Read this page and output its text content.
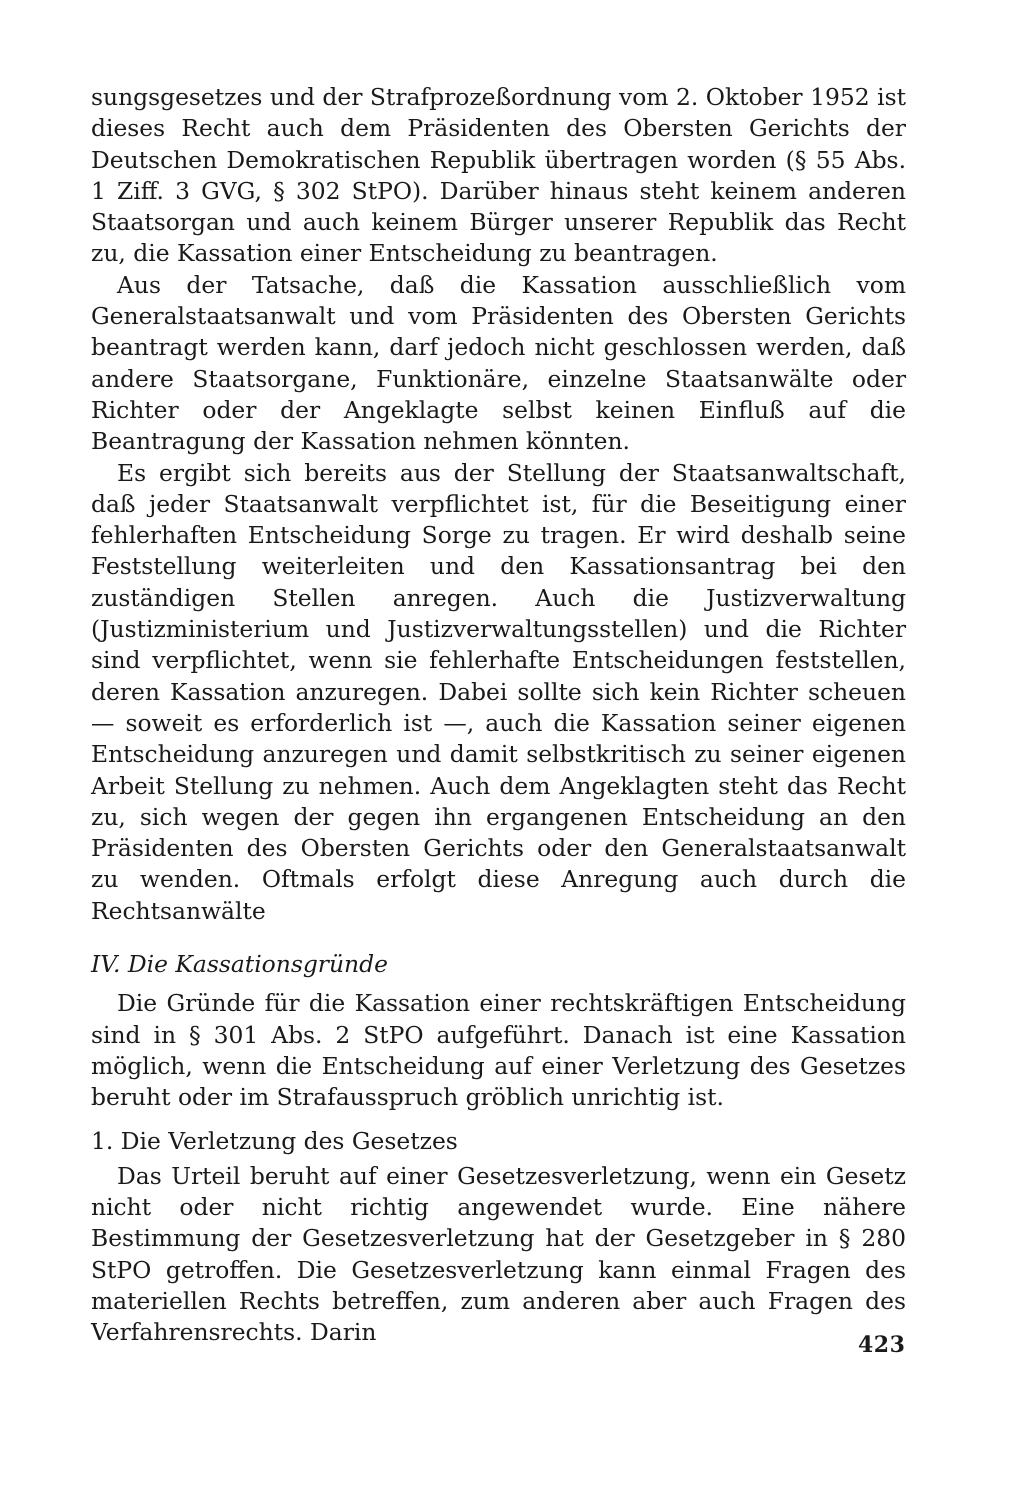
sungsgesetzes und der Strafprozeßordnung vom 2. Oktober 1952 ist dieses Recht auch dem Präsidenten des Obersten Gerichts der Deutschen Demokratischen Republik übertragen worden (§ 55 Abs. 1 Ziff. 3 GVG, § 302 StPO). Darüber hinaus steht keinem anderen Staatsorgan und auch keinem Bürger unserer Republik das Recht zu, die Kassation einer Entscheidung zu beantragen.

Aus der Tatsache, daß die Kassation ausschließlich vom Generalstaatsanwalt und vom Präsidenten des Obersten Gerichts beantragt werden kann, darf jedoch nicht geschlossen werden, daß andere Staatsorgane, Funktionäre, einzelne Staatsanwälte oder Richter oder der Angeklagte selbst keinen Einfluß auf die Beantragung der Kassation nehmen könnten.

Es ergibt sich bereits aus der Stellung der Staatsanwaltschaft, daß jeder Staatsanwalt verpflichtet ist, für die Beseitigung einer fehlerhaften Entscheidung Sorge zu tragen. Er wird deshalb seine Feststellung weiterleiten und den Kassationsantrag bei den zuständigen Stellen anregen. Auch die Justizverwaltung (Justizministerium und Justizverwaltungsstellen) und die Richter sind verpflichtet, wenn sie fehlerhafte Entscheidungen feststellen, deren Kassation anzuregen. Dabei sollte sich kein Richter scheuen — soweit es erforderlich ist —, auch die Kassation seiner eigenen Entscheidung anzuregen und damit selbstkritisch zu seiner eigenen Arbeit Stellung zu nehmen. Auch dem Angeklagten steht das Recht zu, sich wegen der gegen ihn ergangenen Entscheidung an den Präsidenten des Obersten Gerichts oder den Generalstaatsanwalt zu wenden. Oftmals erfolgt diese Anregung auch durch die Rechtsanwälte

IV. Die Kassationsgründe

Die Gründe für die Kassation einer rechtskräftigen Entscheidung sind in § 301 Abs. 2 StPO aufgeführt. Danach ist eine Kassation möglich, wenn die Entscheidung auf einer Verletzung des Gesetzes beruht oder im Strafausspruch gröblich unrichtig ist.

1. Die Verletzung des Gesetzes

Das Urteil beruht auf einer Gesetzesverletzung, wenn ein Gesetz nicht oder nicht richtig angewendet wurde. Eine nähere Bestimmung der Gesetzesverletzung hat der Gesetzgeber in § 280 StPO getroffen. Die Gesetzesverletzung kann einmal Fragen des materiellen Rechts betreffen, zum anderen aber auch Fragen des Verfahrensrechts. Darin	423
